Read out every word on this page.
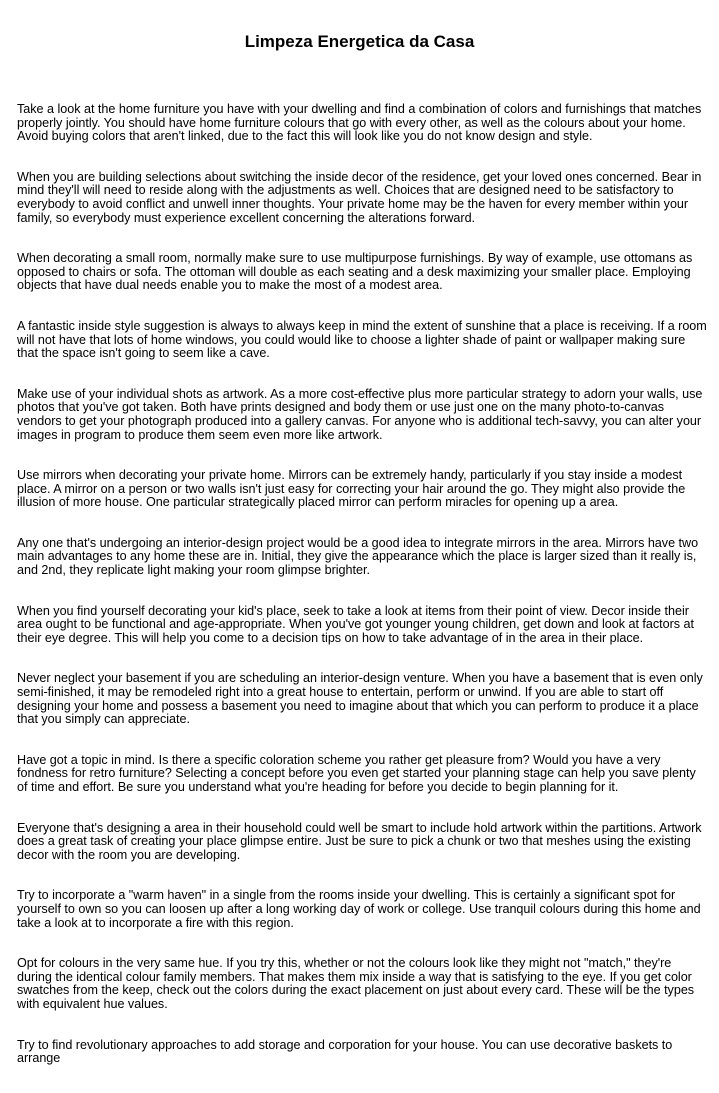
Limpeza Energetica da Casa

Take a look at the home furniture you have with your dwelling and find a combination of colors and furnishings that matches properly jointly. You should have home furniture colours that go with every other, as well as the colours about your home. Avoid buying colors that aren't linked, due to the fact this will look like you do not know design and style.

When you are building selections about switching the inside decor of the residence, get your loved ones concerned. Bear in mind they'll will need to reside along with the adjustments as well. Choices that are designed need to be satisfactory to everybody to avoid conflict and unwell inner thoughts. Your private home may be the haven for every member within your family, so everybody must experience excellent concerning the alterations forward.

When decorating a small room, normally make sure to use multipurpose furnishings. By way of example, use ottomans as opposed to chairs or sofa. The ottoman will double as each seating and a desk maximizing your smaller place. Employing objects that have dual needs enable you to make the most of a modest area.

A fantastic inside style suggestion is always to always keep in mind the extent of sunshine that a place is receiving. If a room will not have that lots of home windows, you could would like to choose a lighter shade of paint or wallpaper making sure that the space isn't going to seem like a cave.

Make use of your individual shots as artwork. As a more cost-effective plus more particular strategy to adorn your walls, use photos that you've got taken. Both have prints designed and body them or use just one on the many photo-to-canvas vendors to get your photograph produced into a gallery canvas. For anyone who is additional tech-savvy, you can alter your images in program to produce them seem even more like artwork.

Use mirrors when decorating your private home. Mirrors can be extremely handy, particularly if you stay inside a modest place. A mirror on a person or two walls isn't just easy for correcting your hair around the go. They might also provide the illusion of more house. One particular strategically placed mirror can perform miracles for opening up a area.

Any one that's undergoing an interior-design project would be a good idea to integrate mirrors in the area. Mirrors have two main advantages to any home these are in. Initial, they give the appearance which the place is larger sized than it really is, and 2nd, they replicate light making your room glimpse brighter.

When you find yourself decorating your kid's place, seek to take a look at items from their point of view. Decor inside their area ought to be functional and age-appropriate. When you've got younger young children, get down and look at factors at their eye degree. This will help you come to a decision tips on how to take advantage of in the area in their place.

Never neglect your basement if you are scheduling an interior-design venture. When you have a basement that is even only semi-finished, it may be remodeled right into a great house to entertain, perform or unwind. If you are able to start off designing your home and possess a basement you need to imagine about that which you can perform to produce it a place that you simply can appreciate.

Have got a topic in mind. Is there a specific coloration scheme you rather get pleasure from? Would you have a very fondness for retro furniture? Selecting a concept before you even get started your planning stage can help you save plenty of time and effort. Be sure you understand what you're heading for before you decide to begin planning for it.

Everyone that's designing a area in their household could well be smart to include hold artwork within the partitions. Artwork does a great task of creating your place glimpse entire. Just be sure to pick a chunk or two that meshes using the existing decor with the room you are developing.

Try to incorporate a "warm haven" in a single from the rooms inside your dwelling. This is certainly a significant spot for yourself to own so you can loosen up after a long working day of work or college. Use tranquil colours during this home and take a look at to incorporate a fire with this region.

Opt for colours in the very same hue. If you try this, whether or not the colours look like they might not "match," they're during the identical colour family members. That makes them mix inside a way that is satisfying to the eye. If you get color swatches from the keep, check out the colors during the exact placement on just about every card. These will be the types with equivalent hue values.

Try to find revolutionary approaches to add storage and corporation for your house. You can use decorative baskets to arrange
